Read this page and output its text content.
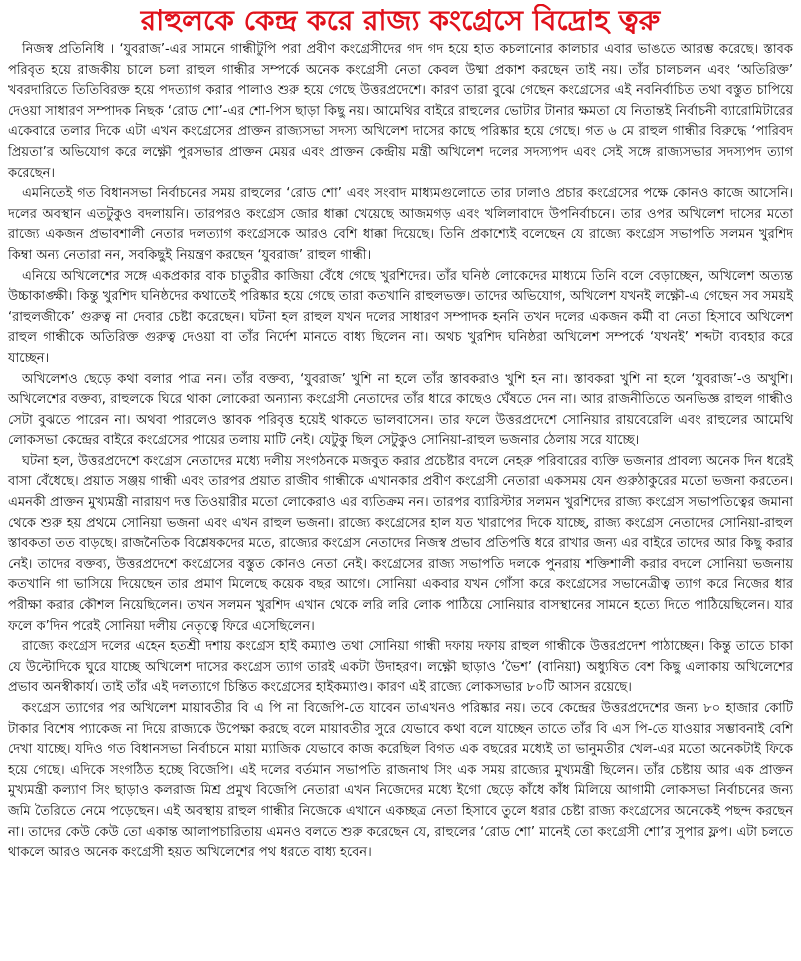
রাহুলকে কেন্দ্র করে রাজ্য কংগ্রেসে বিদ্রোহ ত্বরু

নিজস্ব প্রতিনিধি । ‘যুবরাজ’-এর সামনে গান্ধীটুপি পরা প্রবীণ কংগ্রেসীদের গদ গদ হয়ে হাত কচলানোর কালচার এবার ভাঙতে আরম্ভ করেছে। স্তাবক পরিবৃত হয়ে রাজকীয় চালে চলা রাহুল গান্ধীর সম্পর্কে অনেক কংগ্রেসী নেতা কেবল উষ্মা প্রকাশ করছেন তাই নয়। তাঁর চালচলন এবং ‘অতিরিক্ত’ খবরদারিতে তিতিবিরক্ত হয়ে পদত্যাগ করার পালাও শুরু হয়ে গেছে উত্তরপ্রদেশে। কারণ তারা বুঝে গেছেন কংগ্রেসের এই নবনির্বাচিত তথা বস্তুত চাপিয়ে দেওয়া সাধারণ সম্পাদক নিছক ‘রোড শো’-এর শো-পিস ছাড়া কিছু নয়। আমেথির বাইরে রাহুলের ভোটার টানার ক্ষমতা যে নিতান্তই নির্বাচনী ব্যারোমিটারের একেবারে তলার দিকে এটা এখন কংগ্রেসের প্রাক্তন রাজ্যসভা সদস্য অখিলেশ দাসের কাছে পরিষ্কার হয়ে গেছে। গত ৬ মে রাহুল গান্ধীর বিরুদ্ধে ‘পারিবদ প্রিয়তা’র অভিযোগ করে লক্ষ্ণৌ পুরসভার প্রাক্তন মেয়র এবং প্রাক্তন কেন্দ্রীয় মন্ত্রী অখিলেশ দলের সদস্যপদ এবং সেই সঙ্গে রাজ্যসভার সদস্যপদ ত্যাগ করেছেন।

এমনিতেই গত বিধানসভা নির্বাচনের সময় রাহুলের ‘রোড শো’ এবং সংবাদ মাধ্যমগুলোতে তার ঢালাও প্রচার কংগ্রেসের পক্ষে কোনও কাজে আসেনি। দলের অবস্থান এতটুকুও বদলায়নি। তারপরও কংগ্রেস জোর ধাক্কা খেয়েছে আজমগড় এবং খলিলাবাদে উপনির্বাচনে। তার ওপর অখিলেশ দাসের মতো রাজ্যে একজন প্রভাবশালী নেতার দলত্যাগ কংগ্রেসকে আরও বেশি ধাক্কা দিয়েছে। তিনি প্রকাশ্যেই বলেছেন যে রাজ্যে কংগ্রেস সভাপতি সলমন খুরশিদ কিম্বা অন্য নেতারা নন, সবকিছুই নিয়ন্ত্রণ করছেন ‘যুবরাজ’ রাহুল গান্ধী।

এনিয়ে অখিলেশের সঙ্গে একপ্রকার বাক চাতুরীর কাজিয়া বেঁধে গেছে খুরশিদের। তাঁর ঘনিষ্ঠ লোকেদের মাধ্যমে তিনি বলে বেড়াচ্ছেন, অখিলেশ অত্যন্ত উচ্চাকাঙ্ক্ষী। কিন্তু খুরশিদ ঘনিষ্ঠদের কথাতেই পরিষ্কার হয়ে গেছে তারা কতখানি রাহুলভক্ত। তাদের অভিযোগ, অখিলেশ যখনই লক্ষ্ণৌ-এ গেছেন সব সময়ই ‘রাহুলজীকে’ গুরুত্ব না দেবার চেষ্টা করেছেন। ঘটনা হল রাহুল যখন দলের সাধারণ সম্পাদক হননি তখন দলের একজন কর্মী বা নেতা হিসাবে অখিলেশ রাহুল গান্ধীকে অতিরিক্ত গুরুত্ব দেওয়া বা তাঁর নির্দেশ মানতে বাধ্য ছিলেন না। অথচ খুরশিদ ঘনিষ্ঠরা অখিলেশ সম্পর্কে ‘যখনই’ শব্দটা ব্যবহার করে যাচ্ছেন।

অখিলেশও ছেড়ে কথা বলার পাত্র নন। তাঁর বক্তব্য, ‘যুবরাজ’ খুশি না হলে তাঁর স্তাবকরাও খুশি হন না। স্তাবকরা খুশি না হলে ‘যুবরাজ’-ও অখুশি। অখিলেশের বক্তব্য, রাহুলকে ঘিরে থাকা লোকেরা অন্যান্য কংগ্রেসী নেতাদের তাঁর ধারে কাছেও ঘেঁষতে দেন না। আর রাজনীতিতে অনভিজ্ঞ রাহুল গান্ধীও সেটা বুঝতে পারেন না। অথবা পারলেও স্তাবক পরিবৃত্ত হয়েই থাকতে ভালবাসেন। তার ফলে উত্তরপ্রদেশে সোনিয়ার রায়বেরেলি এবং রাহুলের আমেথি লোকসভা কেন্দ্রের বাইরে কংগ্রেসের পায়ের তলায় মাটি নেই। যেটুকু ছিল সেটুকুও সোনিয়া-রাহুল ভজনার ঠেলায় সরে যাচ্ছে।

ঘটনা হল, উত্তরপ্রদেশে কংগ্রেস নেতাদের মধ্যে দলীয় সংগঠনকে মজবুত করার প্রচেষ্টার বদলে নেহরু পরিবারের ব্যক্তি ভজনার প্রাবল্য অনেক দিন ধরেই বাসা বেঁধেছে। প্রয়াত সঞ্জয় গান্ধী এবং তারপর প্রয়াত রাজীব গান্ধীকে এখানকার প্রবীণ কংগ্রেসী নেতারা একসময় যেন গুরুঠাকুরের মতো ভজনা করতেন। এমনকী প্রাক্তন মুখ্যমন্ত্রী নারায়ণ দত্ত তিওয়ারীর মতো লোকেরাও এর ব্যতিক্রম নন। তারপর ব্যারিস্টার সলমন খুরশিদের রাজ্য কংগ্রেস সভাপতিত্বের জমানা থেকে শুরু হয় প্রথমে সোনিয়া ভজনা এবং এখন রাহুল ভজনা। রাজ্যে কংগ্রেসের হাল যত খারাপের দিকে যাচ্ছে, রাজ্য কংগ্রেস নেতাদের সোনিয়া-রাহুল স্তাবকতা তত বাড়ছে। রাজনৈতিক বিশ্লেষকদের মতে, রাজ্যের কংগ্রেস নেতাদের নিজস্ব প্রভাব প্রতিপত্তি ধরে রাখার জন্য এর বাইরে তাদের আর কিছু করার নেই। তাদের বক্তব্য, উত্তরপ্রদেশে কংগ্রেসের বস্তুত কোনও নেতা নেই। কংগ্রেসের রাজ্য সভাপতি দলকে পুনরায় শক্তিশালী করার বদলে সোনিয়া ভজনায় কতখানি গা ভাসিয়ে দিয়েছেন তার প্রমাণ মিলেছে কয়েক বছর আগে। সোনিয়া একবার যখন গোঁসা করে কংগ্রেসের সভানেত্রীত্ব ত্যাগ করে নিজের ধার পরীক্ষা করার কৌশল নিয়েছিলেন। তখন সলমন খুরশিদ এখান থেকে লরি লরি লোক পাঠিয়ে সোনিয়ার বাসস্থানের সামনে হত্যে দিতে পাঠিয়েছিলেন। যার ফলে ক’দিন পরেই সোনিয়া দলীয় নেতৃত্বে ফিরে এসেছিলেন।

রাজ্যে কংগ্রেস দলের এহেন হতশ্রী দশায় কংগ্রেস হাই কম্যাণ্ড তথা সোনিয়া গান্ধী দফায় দফায় রাহুল গান্ধীকে উত্তরপ্রদেশ পাঠাচ্ছেন। কিন্তু তাতে চাকা যে উল্টোদিকে ঘুরে যাচ্ছে অখিলেশ দাসের কংগ্রেস ত্যাগ তারই একটা উদাহরণ। লক্ষ্ণৌ ছাড়াও ‘ভৈশ’ (বানিয়া) অধ্যুষিত বেশ কিছু এলাকায় অখিলেশের প্রভাব অনস্বীকার্য। তাই তাঁর এই দলত্যাগে চিন্তিত কংগ্রেসের হাইকম্যাণ্ড। কারণ এই রাজ্যে লোকসভার ৮০টি আসন রয়েছে।

কংগ্রেস ত্যাগের পর অখিলেশ মায়াবতীর বি এ পি না বিজেপি-তে যাবেন তাএখনও পরিষ্কার নয়। তবে কেন্দ্রের উত্তরপ্রদেশের জন্য ৮০ হাজার কোটি টাকার বিশেষ প্যাকেজ না দিয়ে রাজ্যকে উপেক্ষা করছে বলে মায়াবতীর সুরে যেভাবে কথা বলে যাচ্ছেন তাতে তাঁর বি এস পি-তে যাওয়ার সম্ভাবনাই বেশি দেখা যাচ্ছে। যদিও গত বিধানসভা নির্বাচনে মায়া ম্যাজিক যেভাবে কাজ করেছিল বিগত এক বছরের মধ্যেই তা ভানুমতীর খেল-এর মতো অনেকটাই ফিকে হয়ে গেছে। এদিকে সংগঠিত হচ্ছে বিজেপি। এই দলের বর্তমান সভাপতি রাজনাথ সিং এক সময় রাজ্যের মুখ্যমন্ত্রী ছিলেন। তাঁর চেষ্টায় আর এক প্রাক্তন মুখ্যমন্ত্রী কল্যাণ সিং ছাড়াও কলরাজ মিশ্র প্রমুখ বিজেপি নেতারা এখন নিজেদের মধ্যে ইগো ছেড়ে কাঁধে কাঁধ মিলিয়ে আগামী লোকসভা নির্বাচনের জন্য জমি তৈরিতে নেমে পড়েছেন। এই অবস্থায় রাহুল গান্ধীর নিজেকে এখানে একচ্ছত্র নেতা হিসাবে তুলে ধরার চেষ্টা রাজ্য কংগ্রেসের অনেকেই পছন্দ করছেন না। তাদের কেউ কেউ তো একান্ত আলাপচারিতায় এমনও বলতে শুরু করেছেন যে, রাহুলের ‘রোড শো’ মানেই তো কংগ্রেসী শো’র সুপার ফ্লপ। এটা চলতে থাকলে আরও অনেক কংগ্রেসী হয়ত অখিলেশের পথ ধরতে বাধ্য হবেন।
